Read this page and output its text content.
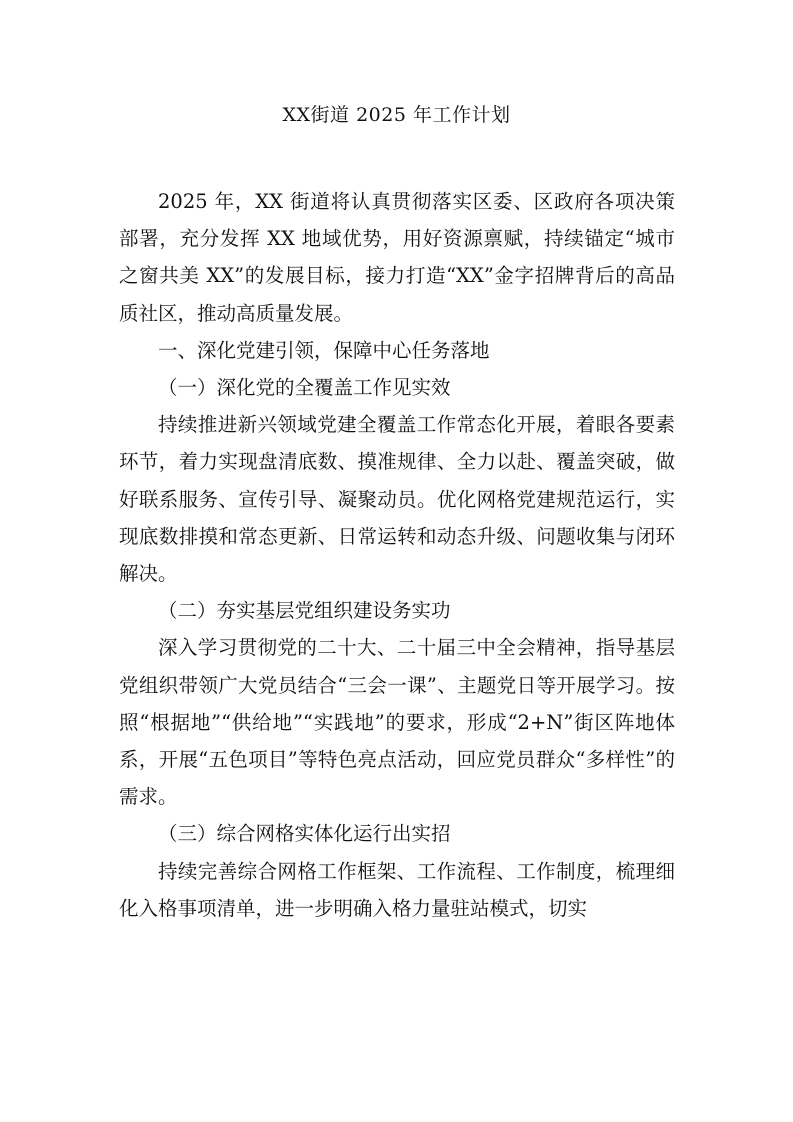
XX街道 2025 年工作计划

2025 年，XX 街道将认真贯彻落实区委、区政府各项决策部署，充分发挥 XX 地域优势，用好资源禀赋，持续锚定“城市之窗共美 XX”的发展目标，接力打造“XX”金字招牌背后的高品质社区，推动高质量发展。

一、深化党建引领，保障中心任务落地

（一）深化党的全覆盖工作见实效

持续推进新兴领域党建全覆盖工作常态化开展，着眼各要素环节，着力实现盘清底数、摸准规律、全力以赴、覆盖突破，做好联系服务、宣传引导、凝聚动员。优化网格党建规范运行，实现底数排摸和常态更新、日常运转和动态升级、问题收集与闭环解决。

（二）夯实基层党组织建设务实功

深入学习贯彻党的二十大、二十届三中全会精神，指导基层党组织带领广大党员结合“三会一课”、主题党日等开展学习。按照“根据地”“供给地”“实践地”的要求，形成“2+N”街区阵地体系，开展“五色项目”等特色亮点活动，回应党员群众“多样性”的需求。

（三）综合网格实体化运行出实招

持续完善综合网格工作框架、工作流程、工作制度，梳理细化入格事项清单，进一步明确入格力量驻站模式，切实
